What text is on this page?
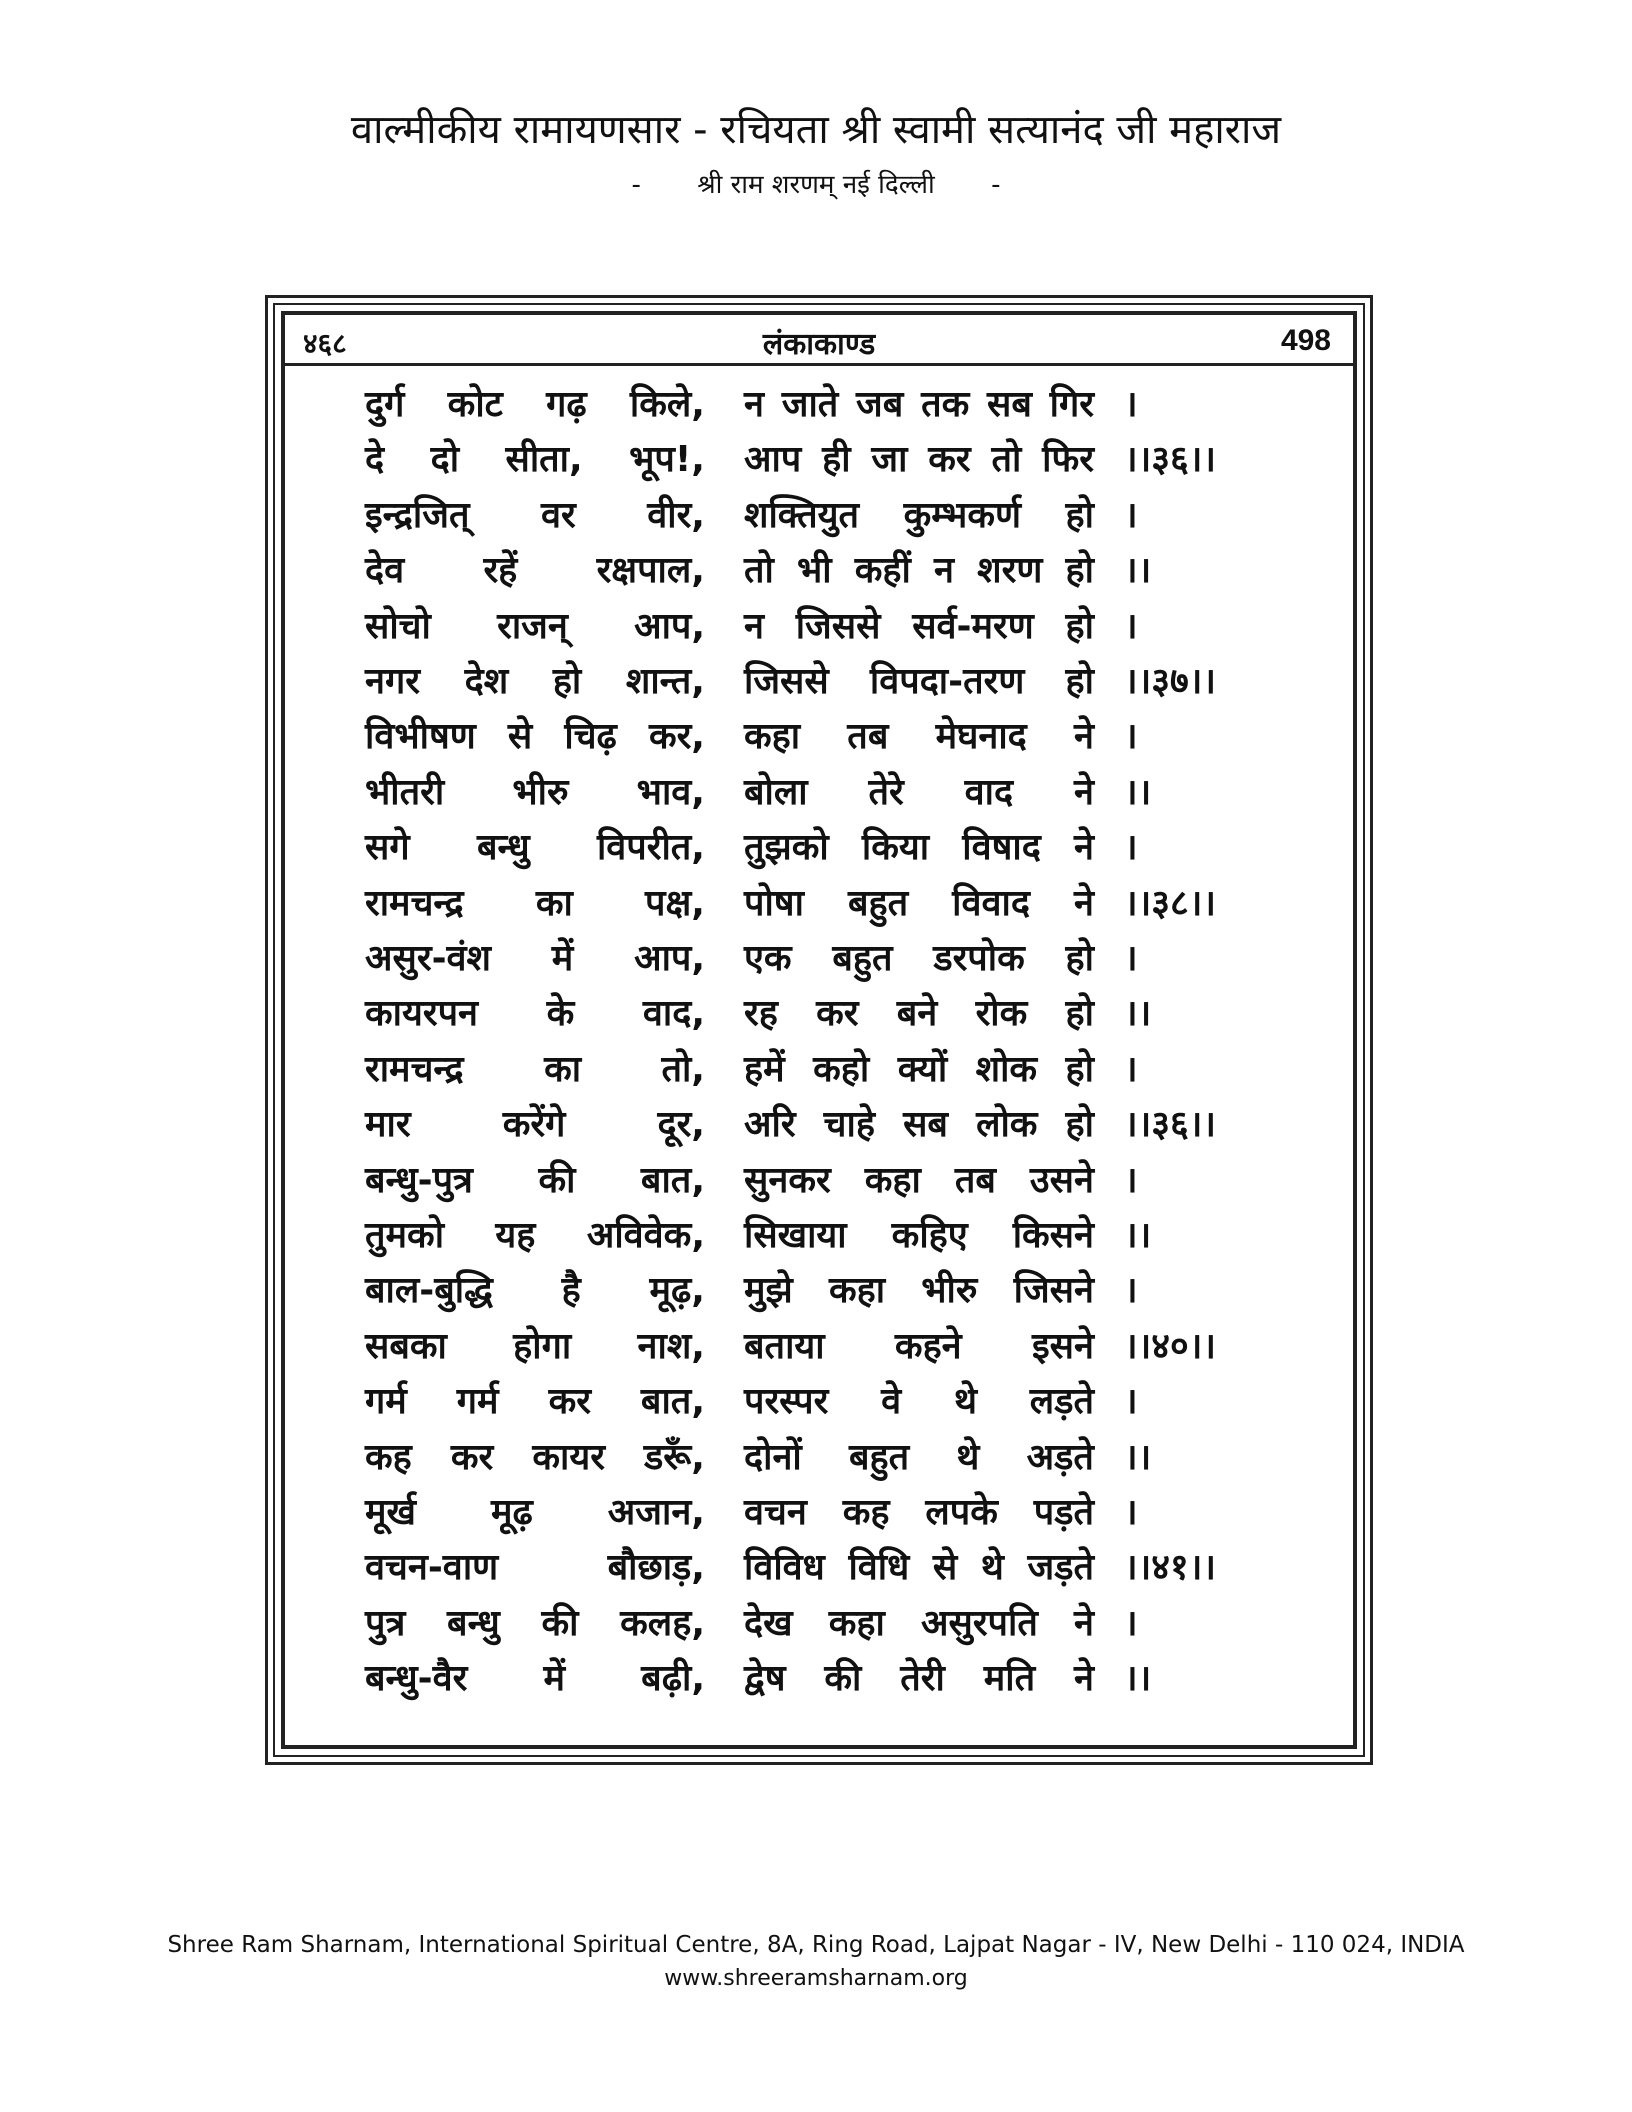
वाल्मीकीय रामायणसार - रचियता श्री स्वामी सत्यानंद जी महाराज
- श्री राम शरणम् नई दिल्ली -
४६८	लंकाकाण्ड	498
दुर्ग कोट गढ़ किले, न जाते जब तक सब गिर ।
दे दो सीता, भूप!, आप ही जा कर तो फिर ।।३६।।
इन्द्रजित् वर वीर, शक्तियुत कुम्भकर्ण हो ।
देव रहें रक्षपाल, तो भी कहीं न शरण हो ।।
सोचो राजन् आप, न जिससे सर्व-मरण हो ।
नगर देश हो शान्त, जिससे विपदा-तरण हो ।।३७।।
विभीषण से चिढ़ कर, कहा तब मेघनाद ने ।
भीतरी भीरु भाव, बोला तेरे वाद ने ।।
सगे बन्धु विपरीत, तुझको किया विषाद ने ।
रामचन्द्र का पक्ष, पोषा बहुत विवाद ने ।।३८।।
असुर-वंश में आप, एक बहुत डरपोक हो ।
कायरपन के वाद, रह कर बने रोक हो ।।
रामचन्द्र का तो, हमें कहो क्यों शोक हो ।
मार	करेंगे	दूर, अरि चाहे सब लोक हो ।।३६।।
बन्धु-पुत्र की बात, सुनकर कहा तब उसने ।
तुमको यह अविवेक, सिखाया कहिए किसने ।।
बाल-बुद्धि है मूढ़, मुझे कहा भीरु जिसने ।
सबका होगा नाश, बताया कहने इसने ।।४०।।
गर्म गर्म कर बात, परस्पर वे थे लड़ते ।
कह कर कायर डरूँ, दोनों बहुत थे अड़ते ।।
मूर्ख मूढ़ अजान, वचन कह लपके पड़ते ।
वचन-वाण	बौछाड़, विविध विधि से थे जड़ते ।।४१।।
पुत्र बन्धु की कलह, देख कहा असुरपति ने ।
बन्धु-वैर में बढ़ी, द्वेष की तेरी मति ने ।।
Shree Ram Sharnam, International Spiritual Centre, 8A, Ring Road, Lajpat Nagar - IV, New Delhi - 110 024, INDIA
www.shreeramsharnam.org
